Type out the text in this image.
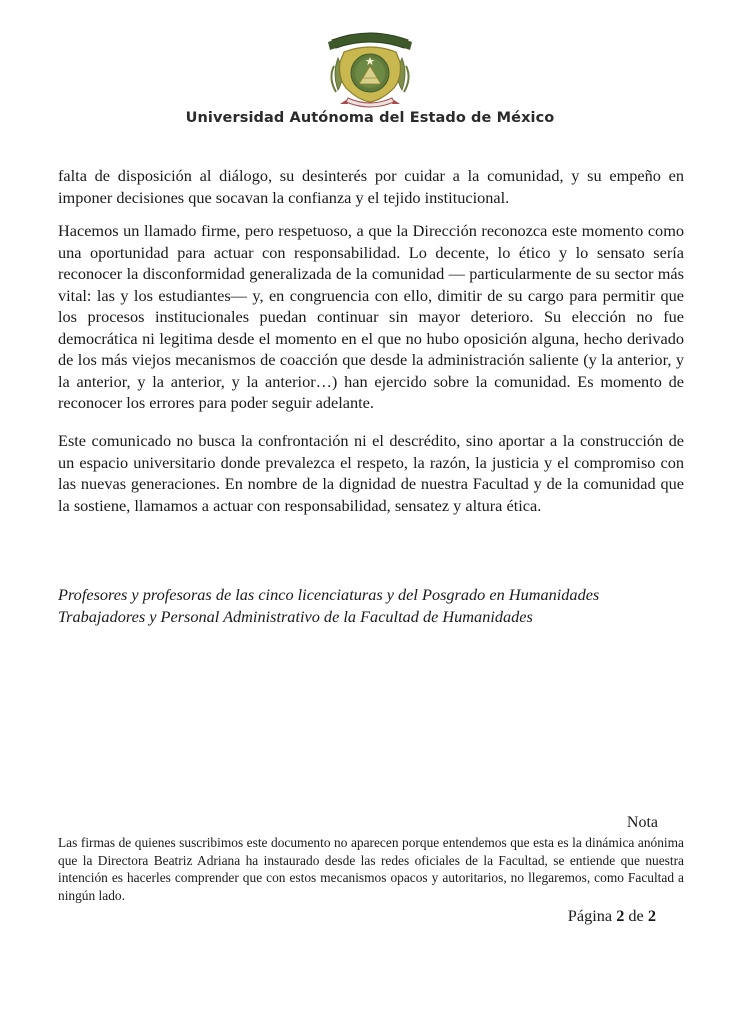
Universidad Autónoma del Estado de México

falta de disposición al diálogo, su desinterés por cuidar a la comunidad, y su empeño en imponer decisiones que socavan la confianza y el tejido institucional.

Hacemos un llamado firme, pero respetuoso, a que la Dirección reconozca este momento como una oportunidad para actuar con responsabilidad. Lo decente, lo ético y lo sensato sería reconocer la disconformidad generalizada de la comunidad — particularmente de su sector más vital: las y los estudiantes— y, en congruencia con ello, dimitir de su cargo para permitir que los procesos institucionales puedan continuar sin mayor deterioro. Su elección no fue democrática ni legitima desde el momento en el que no hubo oposición alguna, hecho derivado de los más viejos mecanismos de coacción que desde la administración saliente (y la anterior, y la anterior, y la anterior, y la anterior…) han ejercido sobre la comunidad. Es momento de reconocer los errores para poder seguir adelante.

Este comunicado no busca la confrontación ni el descrédito, sino aportar a la construcción de un espacio universitario donde prevalezca el respeto, la razón, la justicia y el compromiso con las nuevas generaciones. En nombre de la dignidad de nuestra Facultad y de la comunidad que la sostiene, llamamos a actuar con responsabilidad, sensatez y altura ética.

Profesores y profesoras de las cinco licenciaturas y del Posgrado en Humanidades
Trabajadores y Personal Administrativo de la Facultad de Humanidades
Nota

Las firmas de quienes suscribimos este documento no aparecen porque entendemos que esta es la dinámica anónima que la Directora Beatriz Adriana ha instaurado desde las redes oficiales de la Facultad, se entiende que nuestra intención es hacerles comprender que con estos mecanismos opacos y autoritarios, no llegaremos, como Facultad a ningún lado.

Página 2 de 2
